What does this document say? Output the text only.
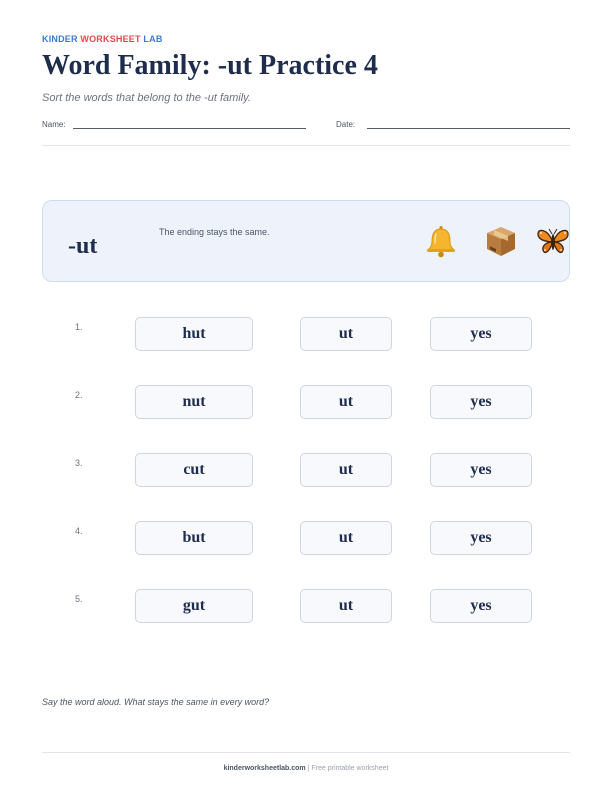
KINDER WORKSHEET LAB
Word Family: -ut Practice 4
Sort the words that belong to the -ut family.
Name:	Date:
-ut
The ending stays the same.
1.	hut	ut	yes
2.	nut	ut	yes
3.	cut	ut	yes
4.	but	ut	yes
5.	gut	ut	yes
Say the word aloud. What stays the same in every word?
kinderworksheetlab.com | Free printable worksheet
